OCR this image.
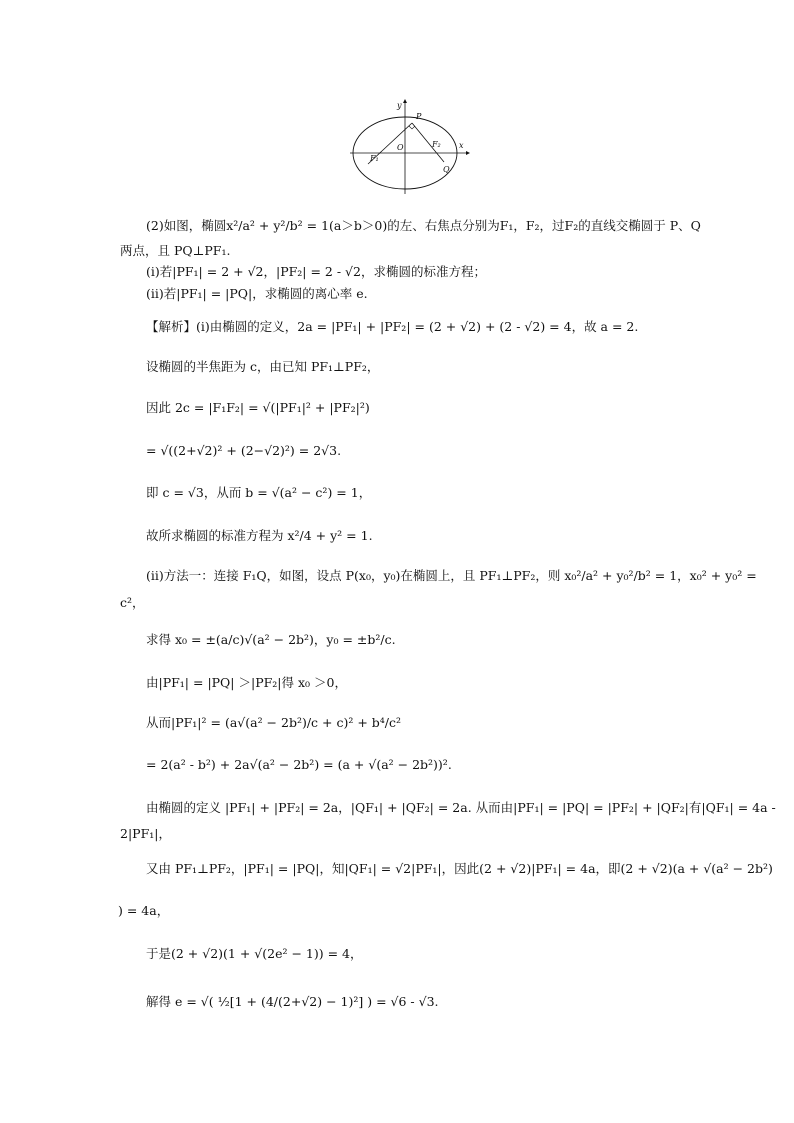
y
x
P
O
F₁
F₂
Q
(2)如图，椭圆x²/a² + y²/b² = 1(a＞b＞0)的左、右焦点分别为F₁，F₂，过F₂的直线交椭圆于 P、Q
两点，且 PQ⊥PF₁.
(ⅰ)若|PF₁| = 2 + √2，|PF₂| = 2 - √2，求椭圆的标准方程；
(ⅱ)若|PF₁| = |PQ|，求椭圆的离心率 e.
【解析】(ⅰ)由椭圆的定义，2a = |PF₁| + |PF₂| = (2 + √2) + (2 - √2) = 4，故 a = 2.
设椭圆的半焦距为 c，由已知 PF₁⊥PF₂，
因此 2c = |F₁F₂| = √(|PF₁|² + |PF₂|²)
= √((2+√2)² + (2−√2)²) = 2√3.
即 c = √3，从而 b = √(a² − c²) = 1，
故所求椭圆的标准方程为 x²/4 + y² = 1.
(ⅱ)方法一：连接 F₁Q，如图，设点 P(x₀，y₀)在椭圆上，且 PF₁⊥PF₂，则 x₀²/a² + y₀²/b² = 1，x₀² + y₀² =
c²，
求得 x₀ = ±(a/c)√(a² − 2b²)，y₀ = ±b²/c.
由|PF₁| = |PQ| ＞|PF₂|得 x₀ ＞0，
从而|PF₁|² = (a√(a² − 2b²)/c + c)² + b⁴/c²
= 2(a² - b²) + 2a√(a² − 2b²) = (a + √(a² − 2b²))².
由椭圆的定义 |PF₁| + |PF₂| = 2a，|QF₁| + |QF₂| = 2a. 从而由|PF₁| = |PQ| = |PF₂| + |QF₂|有|QF₁| = 4a -
2|PF₁|，
又由 PF₁⊥PF₂，|PF₁| = |PQ|，知|QF₁| = √2|PF₁|，因此(2 + √2)|PF₁| = 4a，即(2 + √2)(a + √(a² − 2b²)
) = 4a，
于是(2 + √2)(1 + √(2e² − 1)) = 4，
解得 e = √( ½[1 + (4/(2+√2) − 1)²] ) = √6 - √3.
